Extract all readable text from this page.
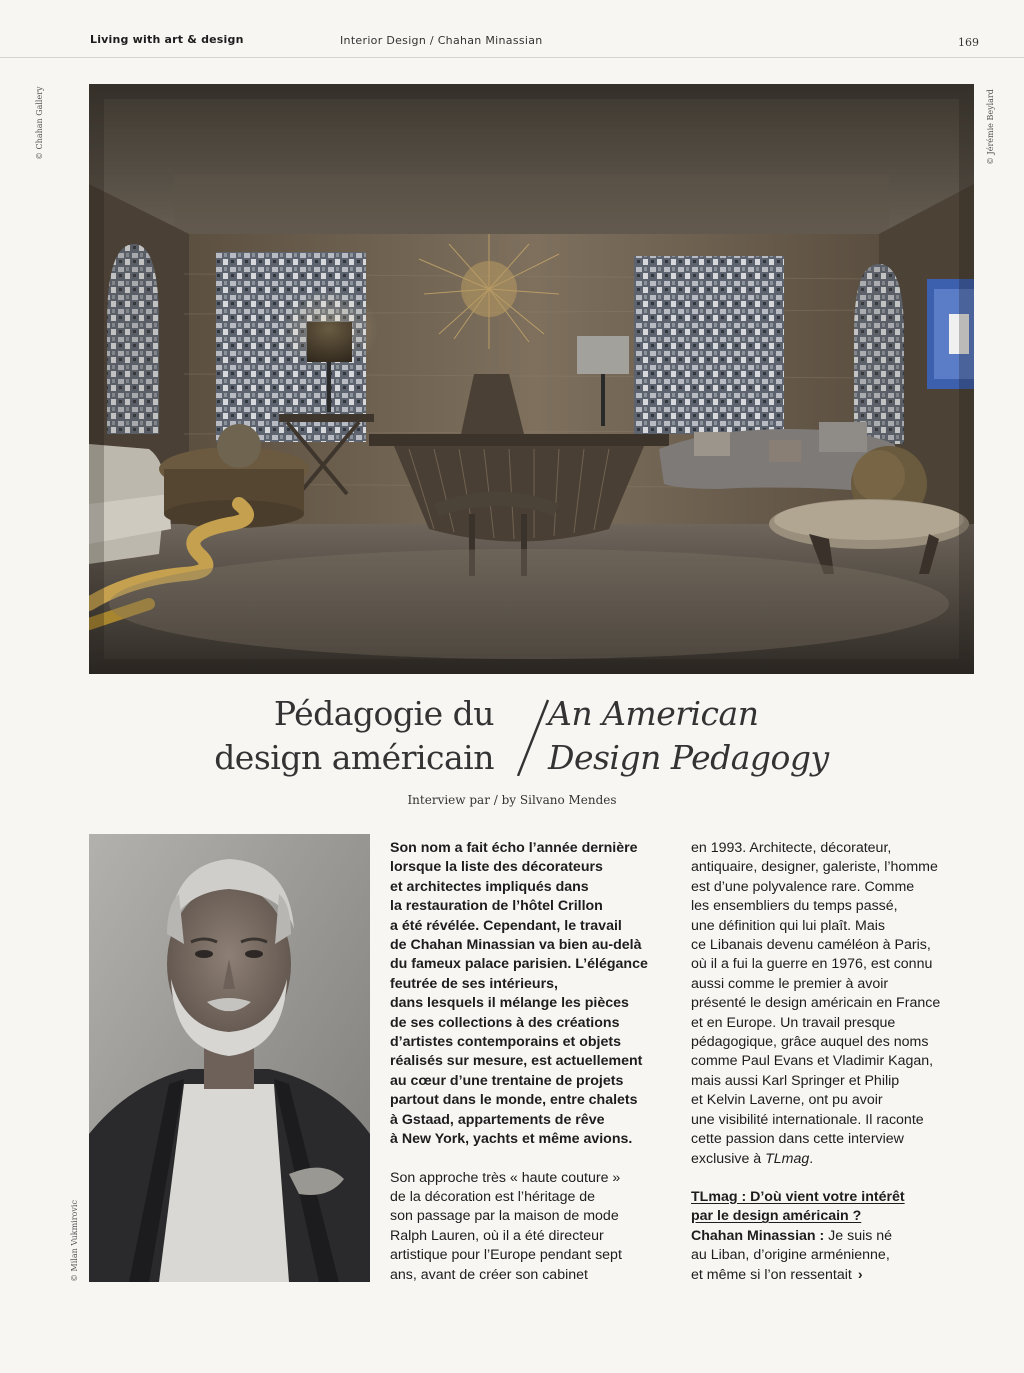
Living with art & design	Interior Design / Chahan Minassian	169
© Chahan Gallery	© Jérémie Beylard
© Milan Vukmirovic
Pédagogie du
design américain
An American
Design Pedagogy
Interview par / by Silvano Mendes

Son nom a fait écho l’année dernière
lorsque la liste des décorateurs
et architectes impliqués dans
la restauration de l’hôtel Crillon
a été révélée. Cependant, le travail
de Chahan Minassian va bien au-delà
du fameux palace parisien. L’élégance
feutrée de ses intérieurs,
dans lesquels il mélange les pièces
de ses collections à des créations
d’artistes contemporains et objets
réalisés sur mesure, est actuellement
au cœur d’une trentaine de projets
partout dans le monde, entre chalets
à Gstaad, appartements de rêve
à New York, yachts et même avions.

Son approche très « haute couture »
de la décoration est l’héritage de
son passage par la maison de mode
Ralph Lauren, où il a été directeur
artistique pour l’Europe pendant sept
ans, avant de créer son cabinet

en 1993. Architecte, décorateur,
antiquaire, designer, galeriste, l’homme
est d’une polyvalence rare. Comme
les ensembliers du temps passé,
une définition qui lui plaît. Mais
ce Libanais devenu caméléon à Paris,
où il a fui la guerre en 1976, est connu
aussi comme le premier à avoir
présenté le design américain en France
et en Europe. Un travail presque
pédagogique, grâce auquel des noms
comme Paul Evans et Vladimir Kagan,
mais aussi Karl Springer et Philip
et Kelvin Laverne, ont pu avoir
une visibilité internationale. Il raconte
cette passion dans cette interview
exclusive à TLmag.

TLmag : D’où vient votre intérêt
par le design américain ?
Chahan Minassian : Je suis né
au Liban, d’origine arménienne,
et même si l’on ressentait ›
